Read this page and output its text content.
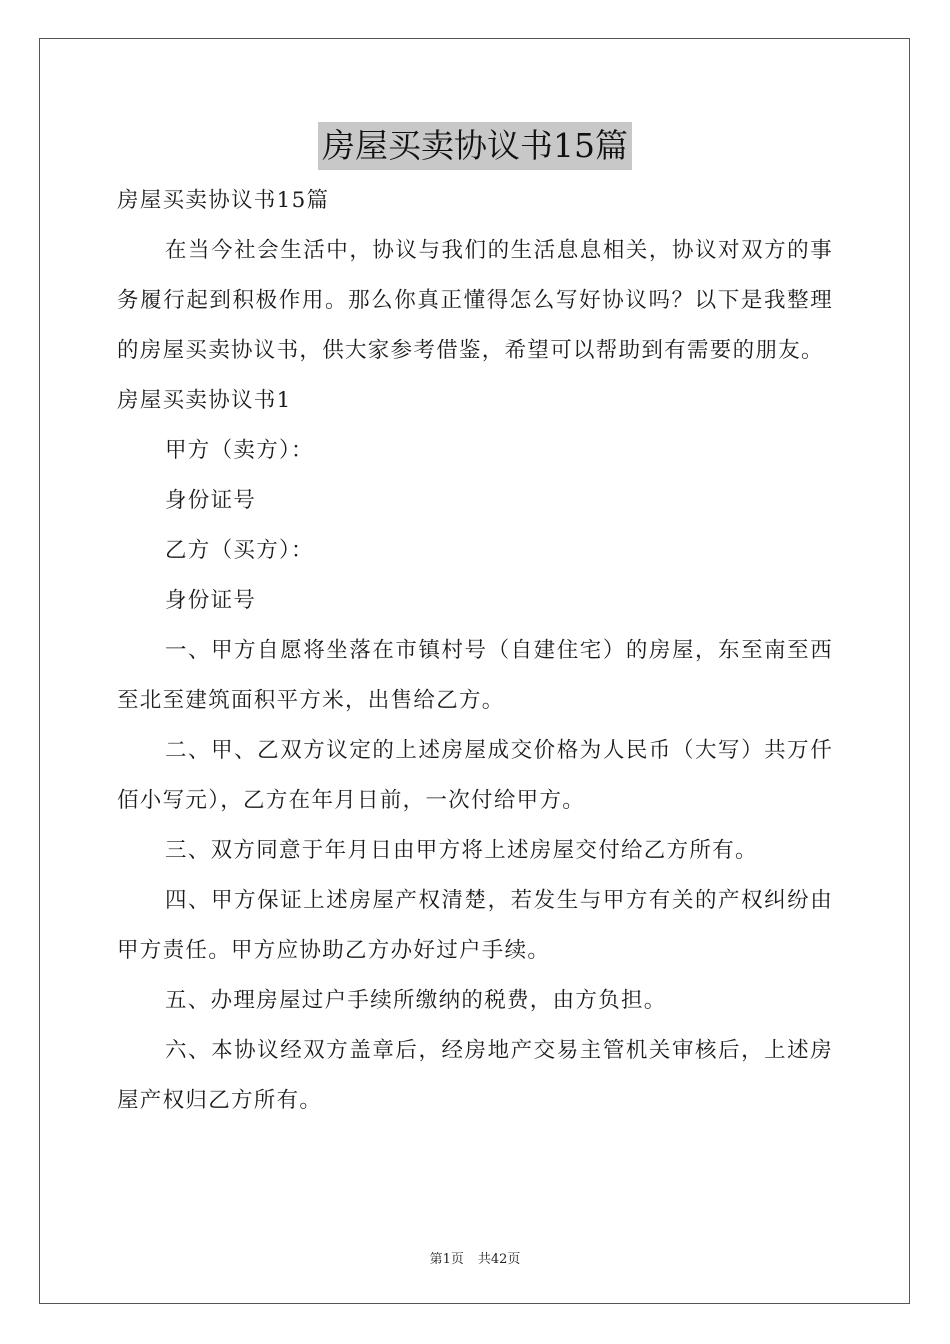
房屋买卖协议书15篇

房屋买卖协议书15篇

在当今社会生活中，协议与我们的生活息息相关，协议对双方的事务履行起到积极作用。那么你真正懂得怎么写好协议吗？以下是我整理的房屋买卖协议书，供大家参考借鉴，希望可以帮助到有需要的朋友。

房屋买卖协议书1

甲方（卖方）：

身份证号

乙方（买方）：

身份证号

一、甲方自愿将坐落在市镇村号（自建住宅）的房屋，东至南至西至北至建筑面积平方米，出售给乙方。

二、甲、乙双方议定的上述房屋成交价格为人民币（大写）共万仟佰小写元），乙方在年月日前，一次付给甲方。

三、双方同意于年月日由甲方将上述房屋交付给乙方所有。

四、甲方保证上述房屋产权清楚，若发生与甲方有关的产权纠纷由甲方责任。甲方应协助乙方办好过户手续。

五、办理房屋过户手续所缴纳的税费，由方负担。

六、本协议经双方盖章后，经房地产交易主管机关审核后，上述房屋产权归乙方所有。

第1页 共42页
